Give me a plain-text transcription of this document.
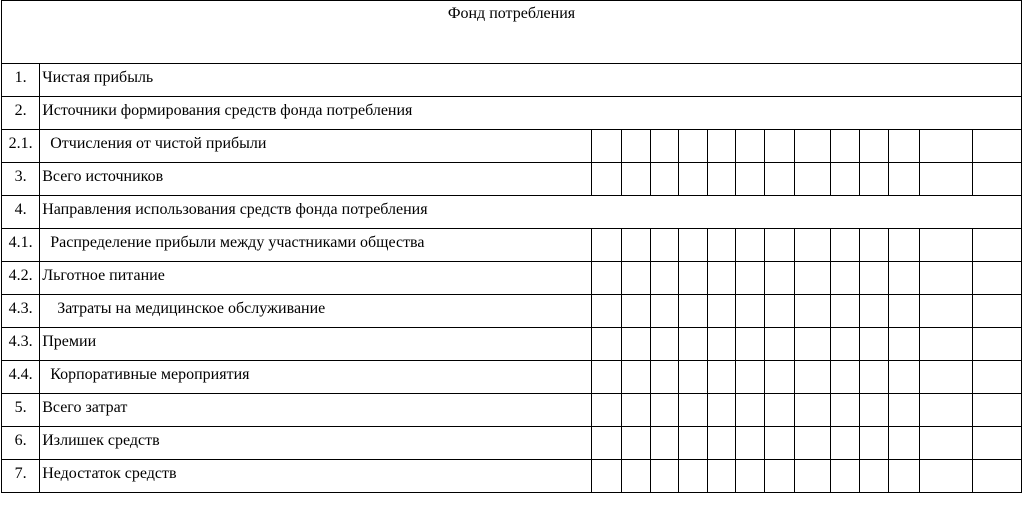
Фонд потребления														
1.	Чистая прибыль													
2.	Источники формирования средств фонда потребления													
2.1.	Отчисления от чистой прибыли													
3.	Всего источников													
4.	Направления использования средств фонда потребления													
4.1.	Распределение прибыли между участниками общества													
4.2.	Льготное питание													
4.3.	Затраты на медицинское обслуживание													
4.3.	Премии													
4.4.	Корпоративные мероприятия													
5.	Всего затрат													
6.	Излишек средств													
7.	Недостаток средств													
